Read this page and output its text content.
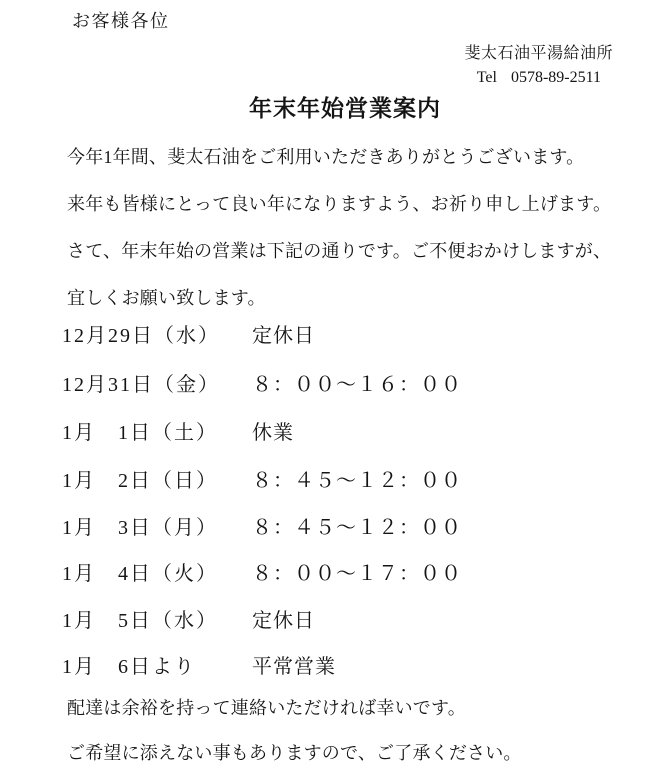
お客様各位
斐太石油平湯給油所
Tel 0578-89-2511
年末年始営業案内

今年1年間、斐太石油をご利用いただきありがとうございます。

来年も皆様にとって良い年になりますよう、お祈り申し上げます。

さて、年末年始の営業は下記の通りです。ご不便おかけしますが、

宜しくお願い致します。

12月29日（水）	定休日
12月31日（金）	８：００～１６：００
1月　1日（土）	休業
1月　2日（日）	８：４５～１２：００
1月　3日（月）	８：４５～１２：００
1月　4日（火）	８：００～１７：００
1月　5日（水）	定休日
1月　6日より	平常営業

配達は余裕を持って連絡いただければ幸いです。

ご希望に添えない事もありますので、ご了承ください。
